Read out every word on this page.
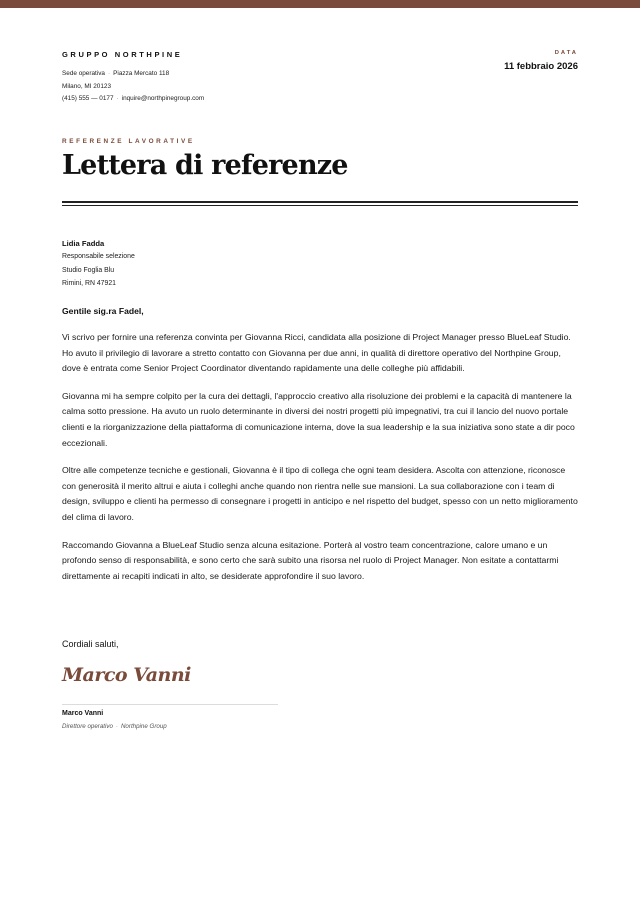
GRUPPO NORTHPINE
Sede operativa · Piazza Mercato 118
Milano, MI 20123
(415) 555 — 0177 · inquire@northpinegroup.com
DATA
11 febbraio 2026
REFERENZE LAVORATIVE
Lettera di referenze
Lidia Fadda
Responsabile selezione
Studio Foglia Blu
Rimini, RN 47921
Gentile sig.ra Fadel,

Vi scrivo per fornire una referenza convinta per Giovanna Ricci, candidata alla posizione di Project Manager presso BlueLeaf Studio. Ho avuto il privilegio di lavorare a stretto contatto con Giovanna per due anni, in qualità di direttore operativo del Northpine Group, dove è entrata come Senior Project Coordinator diventando rapidamente una delle colleghe più affidabili.

Giovanna mi ha sempre colpito per la cura dei dettagli, l'approccio creativo alla risoluzione dei problemi e la capacità di mantenere la calma sotto pressione. Ha avuto un ruolo determinante in diversi dei nostri progetti più impegnativi, tra cui il lancio del nuovo portale clienti e la riorganizzazione della piattaforma di comunicazione interna, dove la sua leadership e la sua iniziativa sono state a dir poco eccezionali.

Oltre alle competenze tecniche e gestionali, Giovanna è il tipo di collega che ogni team desidera. Ascolta con attenzione, riconosce con generosità il merito altrui e aiuta i colleghi anche quando non rientra nelle sue mansioni. La sua collaborazione con i team di design, sviluppo e clienti ha permesso di consegnare i progetti in anticipo e nel rispetto del budget, spesso con un netto miglioramento del clima di lavoro.

Raccomando Giovanna a BlueLeaf Studio senza alcuna esitazione. Porterà al vostro team concentrazione, calore umano e un profondo senso di responsabilità, e sono certo che sarà subito una risorsa nel ruolo di Project Manager. Non esitate a contattarmi direttamente ai recapiti indicati in alto, se desiderate approfondire il suo lavoro.

Cordiali saluti,
Marco Vanni
Marco Vanni
Direttore operativo · Northpine Group
